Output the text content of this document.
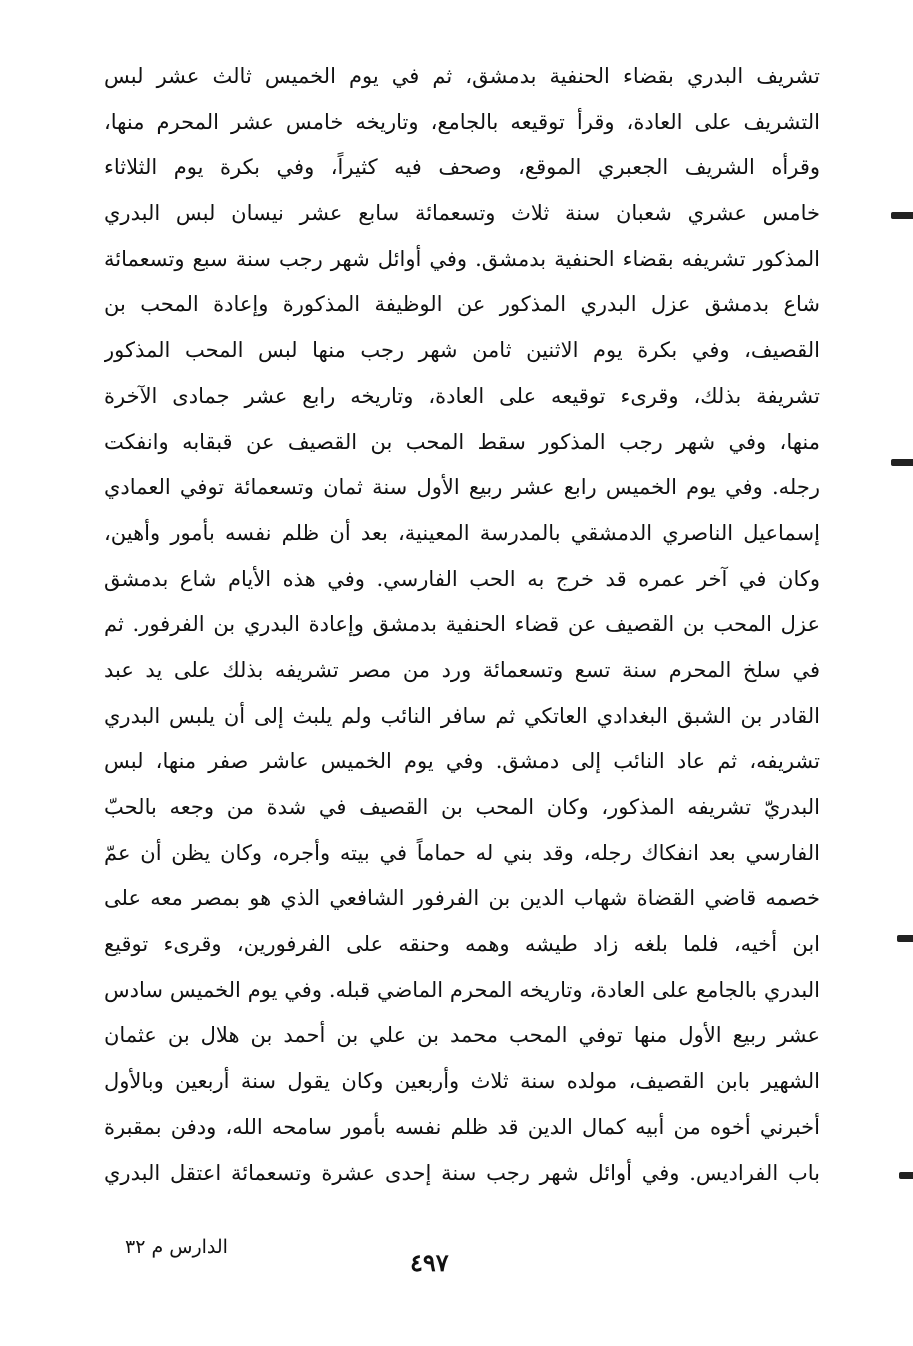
تشريف البدري بقضاء الحنفية بدمشق، ثم في يوم الخميس ثالث عشر لبس
التشريف على العادة، وقرأ توقيعه بالجامع، وتاريخه خامس عشر المحرم منها،
وقرأه الشريف الجعبري الموقع، وصحف فيه كثيراً، وفي بكرة يوم الثلاثاء
خامس عشري شعبان سنة ثلاث وتسعمائة سابع عشر نيسان لبس البدري
المذكور تشريفه بقضاء الحنفية بدمشق. وفي أوائل شهر رجب سنة سبع وتسعمائة
شاع بدمشق عزل البدري المذكور عن الوظيفة المذكورة وإعادة المحب بن
القصيف، وفي بكرة يوم الاثنين ثامن شهر رجب منها لبس المحب المذكور
تشريفة بذلك، وقرىء توقيعه على العادة، وتاريخه رابع عشر جمادى الآخرة
منها، وفي شهر رجب المذكور سقط المحب بن القصيف عن قبقابه وانفكت
رجله. وفي يوم الخميس رابع عشر ربيع الأول سنة ثمان وتسعمائة توفي العمادي
إسماعيل الناصري الدمشقي بالمدرسة المعينية، بعد أن ظلم نفسه بأمور وأهين،
وكان في آخر عمره قد خرج به الحب الفارسي. وفي هذه الأيام شاع بدمشق
عزل المحب بن القصيف عن قضاء الحنفية بدمشق وإعادة البدري بن الفرفور. ثم
في سلخ المحرم سنة تسع وتسعمائة ورد من مصر تشريفه بذلك على يد عبد
القادر بن الشبق البغدادي العاتكي ثم سافر النائب ولم يلبث إلى أن يلبس البدري
تشريفه، ثم عاد النائب إلى دمشق. وفي يوم الخميس عاشر صفر منها، لبس
البدريّ تشريفه المذكور، وكان المحب بن القصيف في شدة من وجعه بالحبّ
الفارسي بعد انفكاك رجله، وقد بني له حماماً في بيته وأجره، وكان يظن أن عمّ
خصمه قاضي القضاة شهاب الدين بن الفرفور الشافعي الذي هو بمصر معه على
ابن أخيه، فلما بلغه زاد طيشه وهمه وحنقه على الفرفورين، وقرىء توقيع
البدري بالجامع على العادة، وتاريخه المحرم الماضي قبله. وفي يوم الخميس سادس
عشر ربيع الأول منها توفي المحب محمد بن علي بن أحمد بن هلال بن عثمان
الشهير بابن القصيف، مولده سنة ثلاث وأربعين وكان يقول سنة أربعين وبالأول
أخبرني أخوه من أبيه كمال الدين قد ظلم نفسه بأمور سامحه الله، ودفن بمقبرة
باب الفراديس. وفي أوائل شهر رجب سنة إحدى عشرة وتسعمائة اعتقل البدري
الدارس م ٣٢
٤٩٧
